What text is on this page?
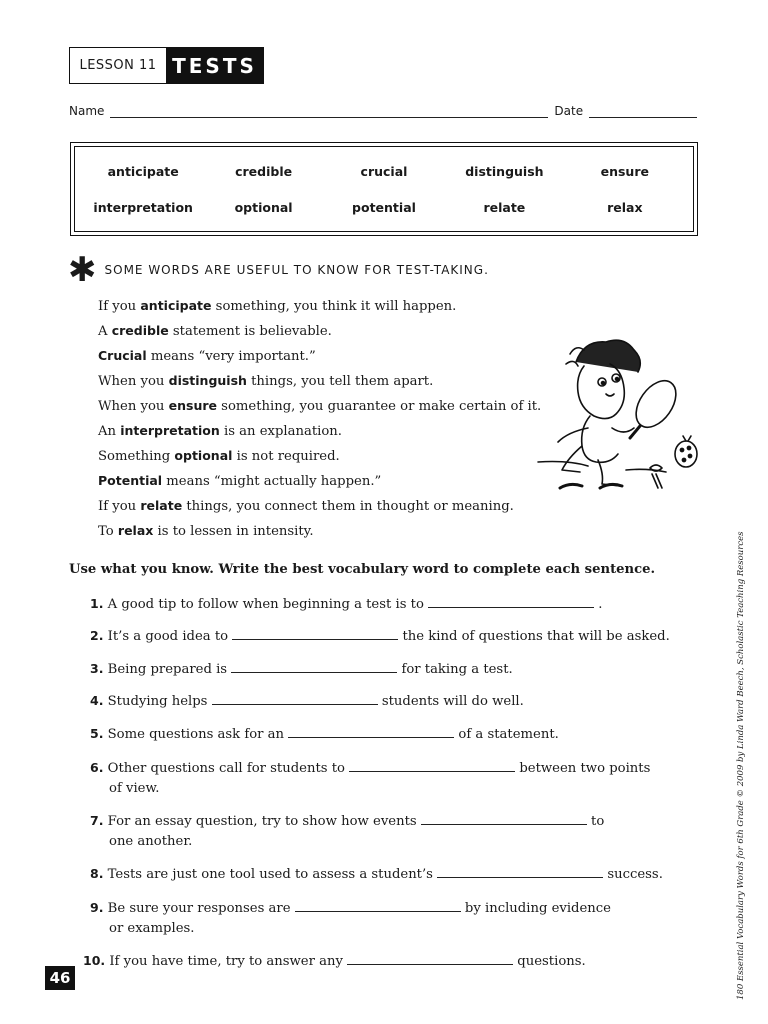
LESSON 11 TESTS
Name	Date
anticipate	credible	crucial	distinguish	ensure
interpretation	optional	potential	relate	relax
✱ SOME WORDS ARE USEFUL TO KNOW FOR TEST-TAKING.
If you anticipate something, you think it will happen.
A credible statement is believable.
Crucial means “very important.”
When you distinguish things, you tell them apart.
When you ensure something, you guarantee or make certain of it.
An interpretation is an explanation.
Something optional is not required.
Potential means “might actually happen.”
If you relate things, you connect them in thought or meaning.
To relax is to lessen in intensity.
Use what you know. Write the best vocabulary word to complete each sentence.
1. A good tip to follow when beginning a test is to	.
2. It’s a good idea to	the kind of questions that will be asked.
3. Being prepared is	for taking a test.
4. Studying helps	students will do well.
5. Some questions ask for an	of a statement.
6. Other questions call for students to	between two points
of view.
7. For an essay question, try to show how events	to
one another.
8. Tests are just one tool used to assess a student’s	success.
9. Be sure your responses are	by including evidence
or examples.
10. If you have time, try to answer any	questions.
46	180 Essential Vocabulary Words for 6th Grade © 2009 by Linda Ward Beech, Scholastic Teaching Resources
